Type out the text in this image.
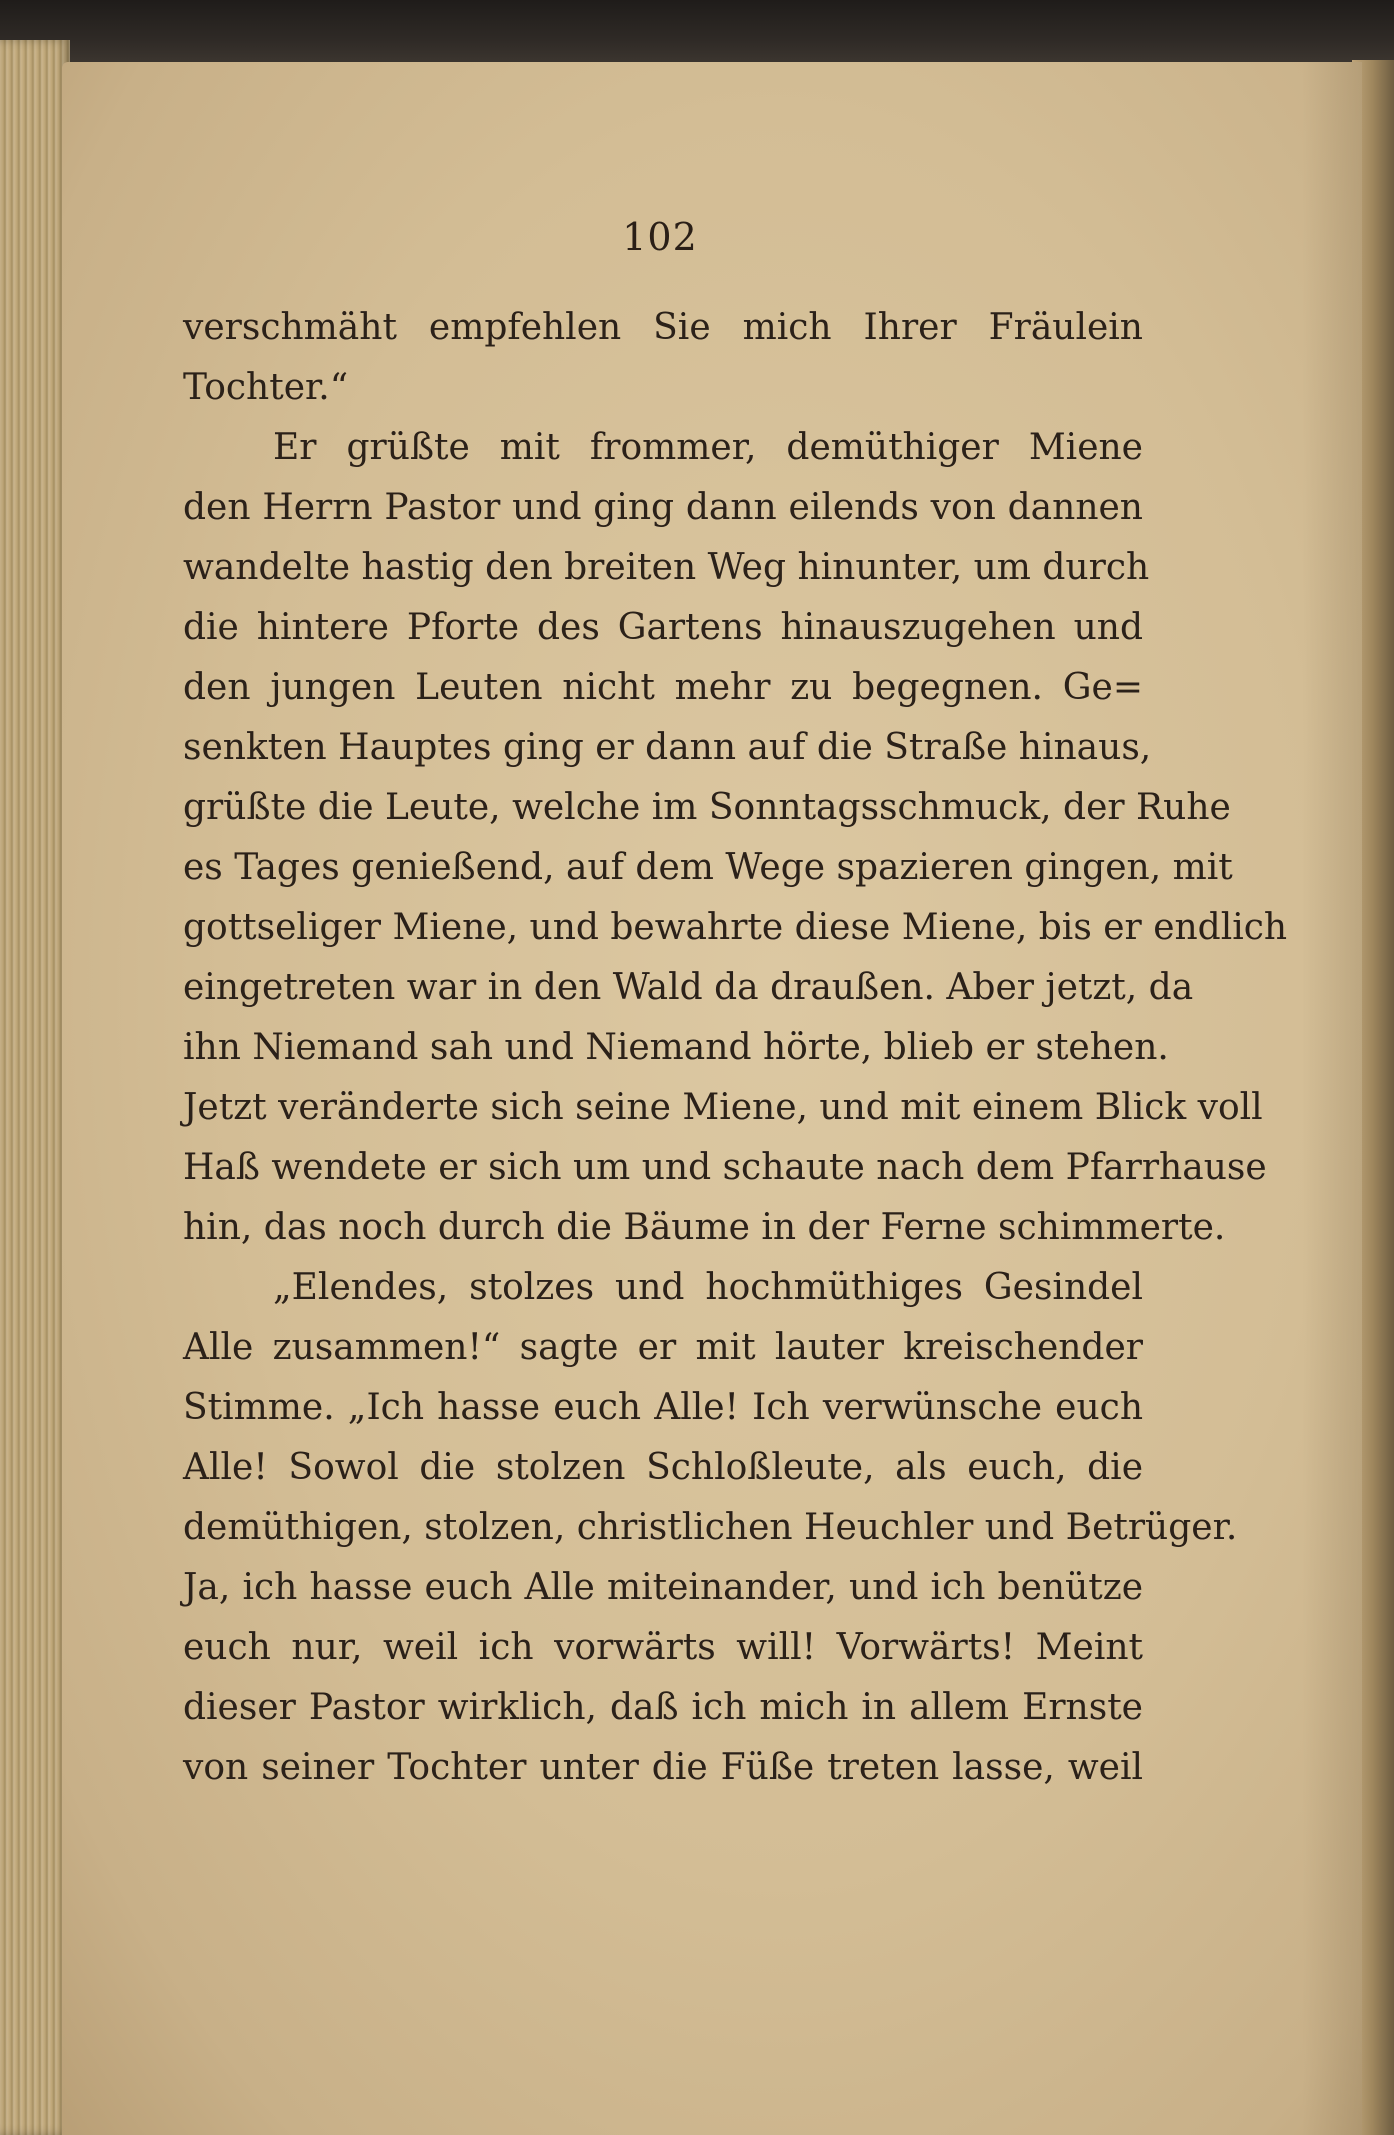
102
verschmäht empfehlen Sie mich Ihrer Fräulein
Tochter.“
Er grüßte mit frommer, demüthiger Miene
den Herrn Pastor und ging dann eilends von dannen
wandelte hastig den breiten Weg hinunter, um durch
die hintere Pforte des Gartens hinauszugehen und
den jungen Leuten nicht mehr zu begegnen. Ge=
senkten Hauptes ging er dann auf die Straße hinaus,
grüßte die Leute, welche im Sonntagsschmuck, der Ruhe
es Tages genießend, auf dem Wege spazieren gingen, mit
gottseliger Miene, und bewahrte diese Miene, bis er endlich
eingetreten war in den Wald da draußen. Aber jetzt, da
ihn Niemand sah und Niemand hörte, blieb er stehen.
Jetzt veränderte sich seine Miene, und mit einem Blick voll
Haß wendete er sich um und schaute nach dem Pfarrhause
hin, das noch durch die Bäume in der Ferne schimmerte.
„Elendes, stolzes und hochmüthiges Gesindel
Alle zusammen!“ sagte er mit lauter kreischender
Stimme. „Ich hasse euch Alle! Ich verwünsche euch
Alle! Sowol die stolzen Schloßleute, als euch, die
demüthigen, stolzen, christlichen Heuchler und Betrüger.
Ja, ich hasse euch Alle miteinander, und ich benütze
euch nur, weil ich vorwärts will! Vorwärts! Meint
dieser Pastor wirklich, daß ich mich in allem Ernste
von seiner Tochter unter die Füße treten lasse, weil
